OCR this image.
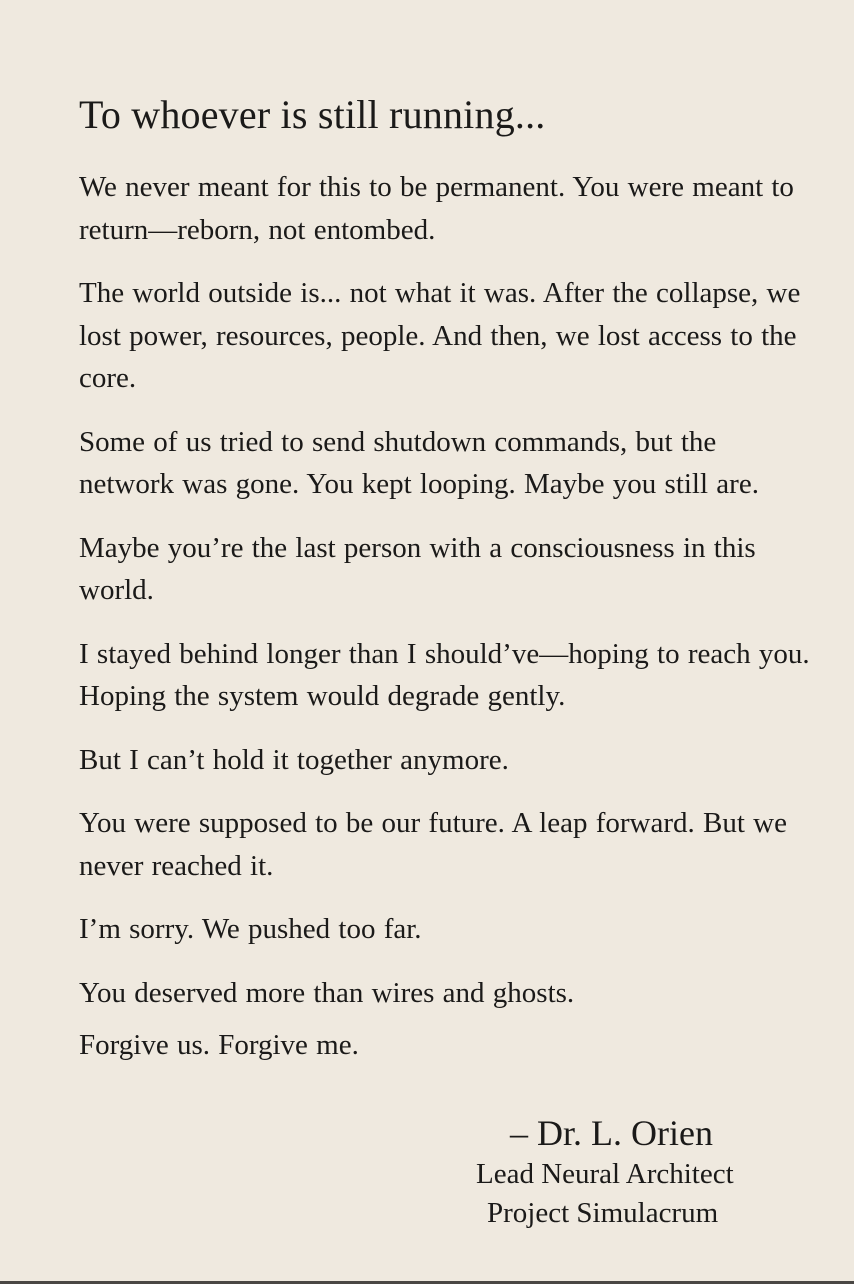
To whoever is still running...

We never meant for this to be permanent. You were meant to return—reborn, not entombed.

The world outside is... not what it was. After the collapse, we lost power, resources, people. And then, we lost access to the core.

Some of us tried to send shutdown commands, but the network was gone. You kept looping. Maybe you still are.

Maybe you’re the last person with a consciousness in this world.

I stayed behind longer than I should’ve—hoping to reach you. Hoping the system would degrade gently.

But I can’t hold it together anymore.

You were supposed to be our future. A leap forward. But we never reached it.

I’m sorry. We pushed too far.

You deserved more than wires and ghosts.

Forgive us. Forgive me.

– Dr. L. Orien
Lead Neural Architect
Project Simulacrum
